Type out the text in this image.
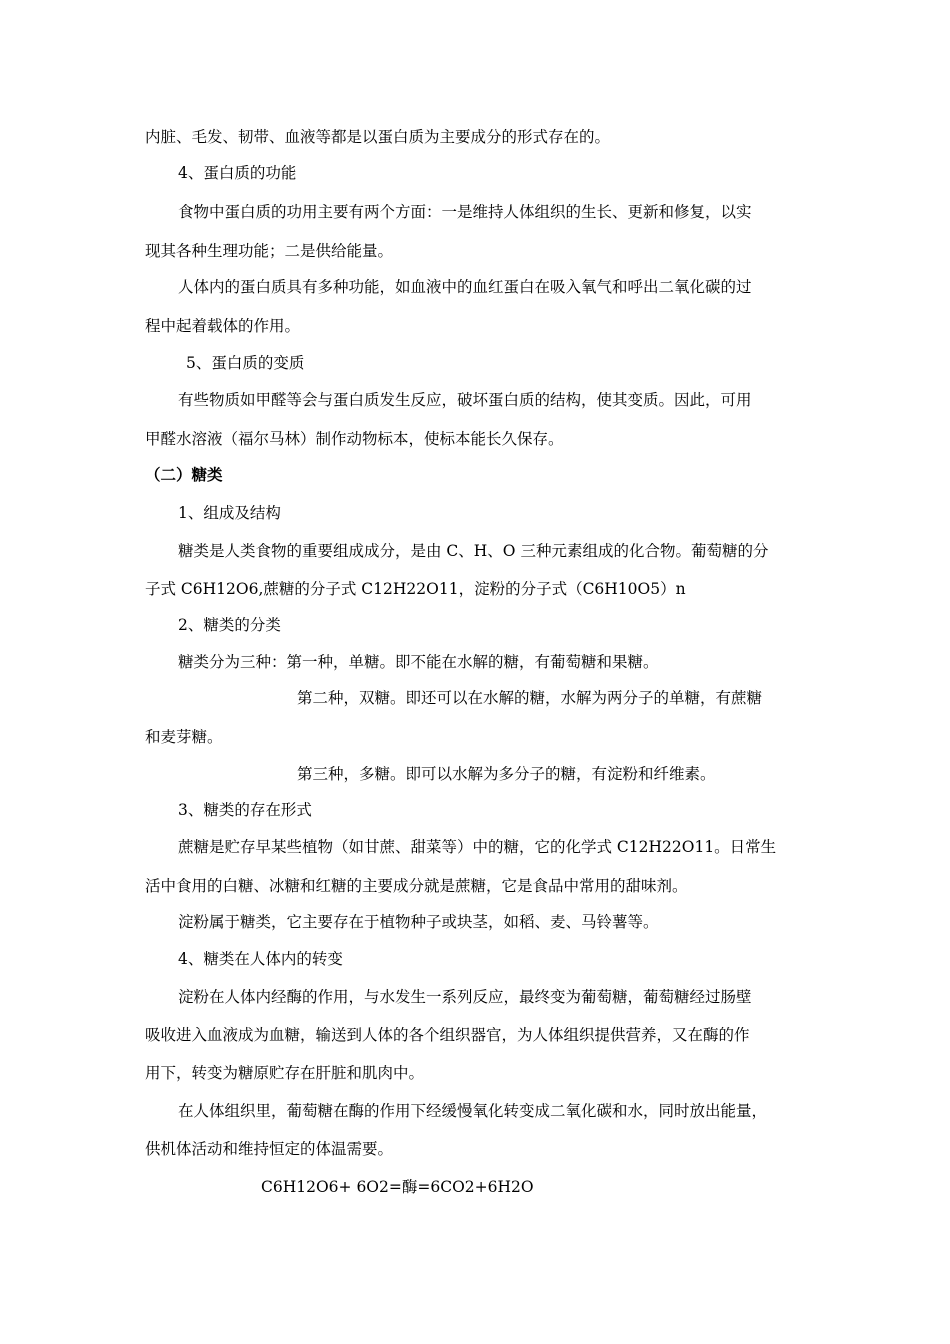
内脏、毛发、韧带、血液等都是以蛋白质为主要成分的形式存在的。
4、蛋白质的功能
食物中蛋白质的功用主要有两个方面：一是维持人体组织的生长、更新和修复，以实
现其各种生理功能；二是供给能量。
人体内的蛋白质具有多种功能，如血液中的血红蛋白在吸入氧气和呼出二氧化碳的过
程中起着载体的作用。
5、蛋白质的变质
有些物质如甲醛等会与蛋白质发生反应，破坏蛋白质的结构，使其变质。因此，可用
甲醛水溶液（福尔马林）制作动物标本，使标本能长久保存。
（二）糖类
1、组成及结构
糖类是人类食物的重要组成成分，是由 C、H、O 三种元素组成的化合物。葡萄糖的分
子式 C6H12O6,蔗糖的分子式 C12H22O11，淀粉的分子式（C6H10O5）n
2、糖类的分类
糖类分为三种：第一种，单糖。即不能在水解的糖，有葡萄糖和果糖。
第二种，双糖。即还可以在水解的糖，水解为两分子的单糖，有蔗糖
和麦芽糖。
第三种，多糖。即可以水解为多分子的糖，有淀粉和纤维素。
3、糖类的存在形式
蔗糖是贮存早某些植物（如甘蔗、甜菜等）中的糖，它的化学式 C12H22O11。日常生
活中食用的白糖、冰糖和红糖的主要成分就是蔗糖，它是食品中常用的甜味剂。
淀粉属于糖类，它主要存在于植物种子或块茎，如稻、麦、马铃薯等。
4、糖类在人体内的转变
淀粉在人体内经酶的作用，与水发生一系列反应，最终变为葡萄糖，葡萄糖经过肠壁
吸收进入血液成为血糖，输送到人体的各个组织器官，为人体组织提供营养，又在酶的作
用下，转变为糖原贮存在肝脏和肌肉中。
在人体组织里，葡萄糖在酶的作用下经缓慢氧化转变成二氧化碳和水，同时放出能量，
供机体活动和维持恒定的体温需要。
C6H12O6+ 6O2=酶=6CO2+6H2O
